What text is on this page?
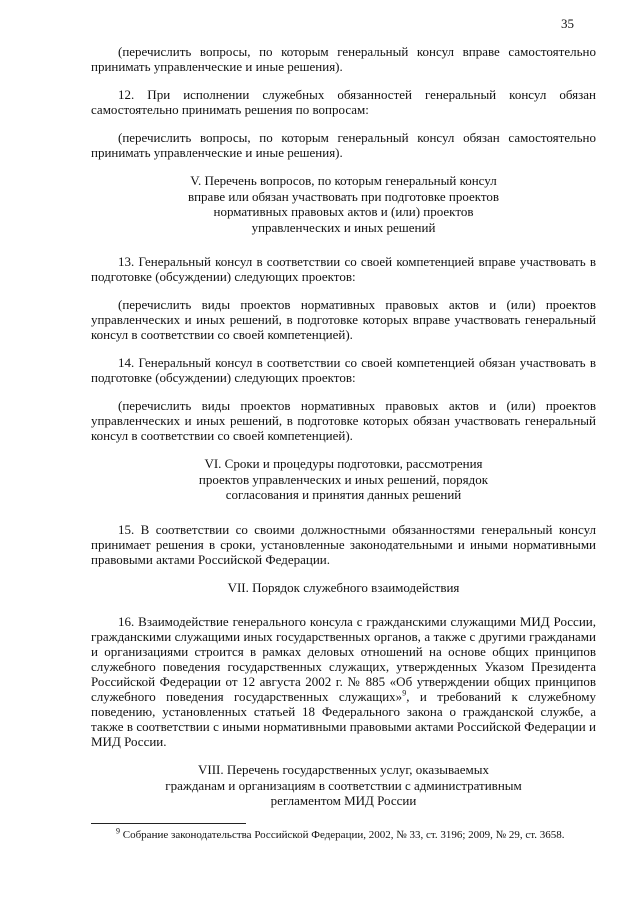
35

(перечислить вопросы, по которым генеральный консул вправе самостоятельно принимать управленческие и иные решения).

12. При исполнении служебных обязанностей генеральный консул обязан самостоятельно принимать решения по вопросам:

(перечислить вопросы, по которым генеральный консул обязан самостоятельно принимать управленческие и иные решения).

V. Перечень вопросов, по которым генеральный консул
вправе или обязан участвовать при подготовке проектов
нормативных правовых актов и (или) проектов
управленческих и иных решений

13. Генеральный консул в соответствии со своей компетенцией вправе участвовать в подготовке (обсуждении) следующих проектов:

(перечислить виды проектов нормативных правовых актов и (или) проектов управленческих и иных решений, в подготовке которых вправе участвовать генеральный консул в соответствии со своей компетенцией).

14. Генеральный консул в соответствии со своей компетенцией обязан участвовать в подготовке (обсуждении) следующих проектов:

(перечислить виды проектов нормативных правовых актов и (или) проектов управленческих и иных решений, в подготовке которых обязан участвовать генеральный консул в соответствии со своей компетенцией).

VI. Сроки и процедуры подготовки, рассмотрения
проектов управленческих и иных решений, порядок
согласования и принятия данных решений

15. В соответствии со своими должностными обязанностями генеральный консул принимает решения в сроки, установленные законодательными и иными нормативными правовыми актами Российской Федерации.

VII. Порядок служебного взаимодействия

16. Взаимодействие генерального консула с гражданскими служащими МИД России, гражданскими служащими иных государственных органов, а также с другими гражданами и организациями строится в рамках деловых отношений на основе общих принципов служебного поведения государственных служащих, утвержденных Указом Президента Российской Федерации от 12 августа 2002 г. № 885 «Об утверждении общих принципов служебного поведения государственных служащих»$^9$, и требований к служебному поведению, установленных статьей 18 Федерального закона о гражданской службе, а также в соответствии с иными нормативными правовыми актами Российской Федерации и МИД России.

VIII. Перечень государственных услуг, оказываемых
гражданам и организациям в соответствии с административным
регламентом МИД России
$^9$ Собрание законодательства Российской Федерации, 2002, № 33, ст. 3196; 2009, № 29, ст. 3658.
